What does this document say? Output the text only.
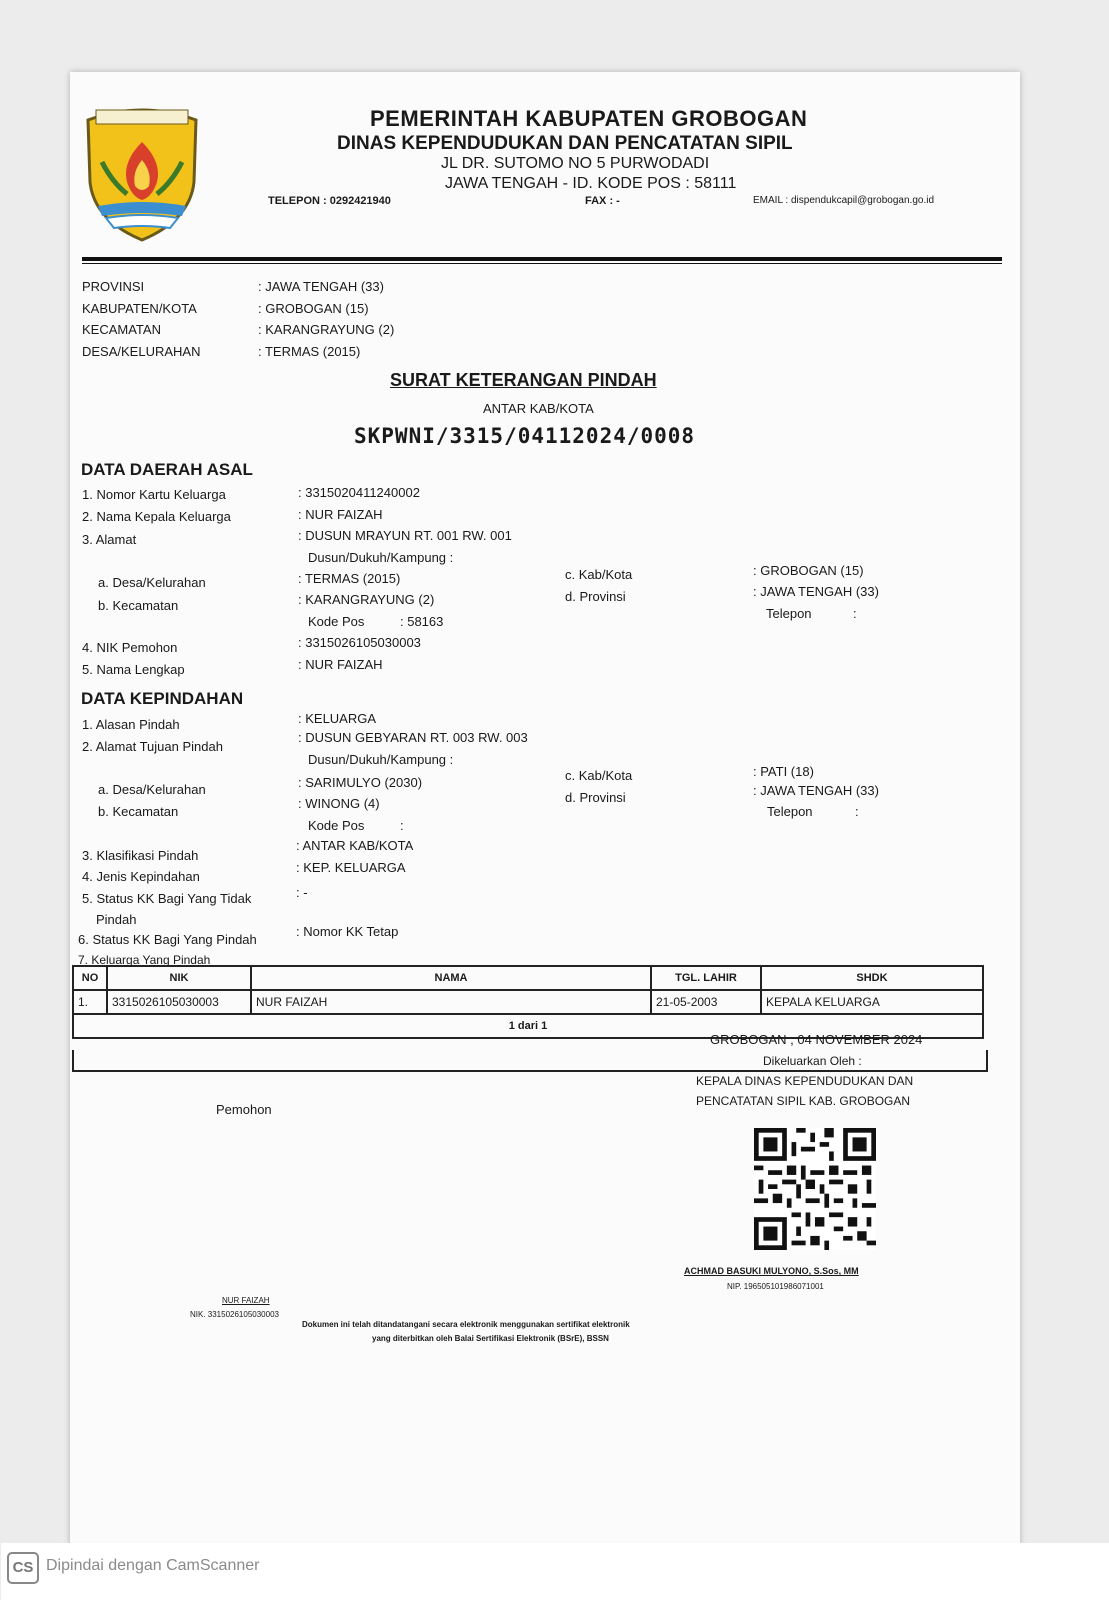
PEMERINTAH KABUPATEN GROBOGAN
DINAS KEPENDUDUKAN DAN PENCATATAN SIPIL
JL DR. SUTOMO NO 5 PURWODADI
JAWA TENGAH - ID. KODE POS : 58111
TELEPON : 0292421940	FAX : -	EMAIL : dispendukcapil@grobogan.go.id
PROVINSI	: JAWA TENGAH (33)
KABUPATEN/KOTA	: GROBOGAN (15)
KECAMATAN	: KARANGRAYUNG (2)
DESA/KELURAHAN	: TERMAS (2015)
SURAT KETERANGAN PINDAH
ANTAR KAB/KOTA
SKPWNI/3315/04112024/0008
DATA DAERAH ASAL
1. Nomor Kartu Keluarga	: 3315020411240002
2. Nama Kepala Keluarga	: NUR FAIZAH
3. Alamat	: DUSUN MRAYUN RT. 001 RW. 001
Dusun/Dukuh/Kampung :
a. Desa/Kelurahan	: TERMAS (2015)
b. Kecamatan	: KARANGRAYUNG (2)
Kode Pos	: 58163
c. Kab/Kota	: GROBOGAN (15)
d. Provinsi	: JAWA TENGAH (33)
Telepon	:
4. NIK Pemohon	: 3315026105030003
5. Nama Lengkap	: NUR FAIZAH
DATA KEPINDAHAN
1. Alasan Pindah	: KELUARGA
2. Alamat Tujuan Pindah
: DUSUN GEBYARAN RT. 003 RW. 003
Dusun/Dukuh/Kampung :
a. Desa/Kelurahan	: SARIMULYO (2030)
b. Kecamatan
: WINONG (4)
Kode Pos	:
c. Kab/Kota	: PATI (18)
d. Provinsi	: JAWA TENGAH (33)
Telepon	:
3. Klasifikasi Pindah
: ANTAR KAB/KOTA
4. Jenis Kepindahan
: KEP. KELUARGA
5. Status KK Bagi Yang Tidak
Pindah
: -
6. Status KK Bagi Yang Pindah
: Nomor KK Tetap
7. Keluarga Yang Pindah
NO	NIK	NAMA	TGL. LAHIR	SHDK
1.	3315026105030003	NUR FAIZAH	21-05-2003	KEPALA KELUARGA
1 dari 1				
GROBOGAN , 04 NOVEMBER 2024
Dikeluarkan Oleh :
KEPALA DINAS KEPENDUDUKAN DAN
PENCATATAN SIPIL KAB. GROBOGAN
Pemohon
ACHMAD BASUKI MULYONO, S.Sos, MM
NIP. 196505101986071001
NUR FAIZAH
NIK. 3315026105030003
Dokumen ini telah ditandatangani secara elektronik menggunakan sertifikat elektronik
yang diterbitkan oleh Balai Sertifikasi Elektronik (BSrE), BSSN
CS Dipindai dengan CamScanner
